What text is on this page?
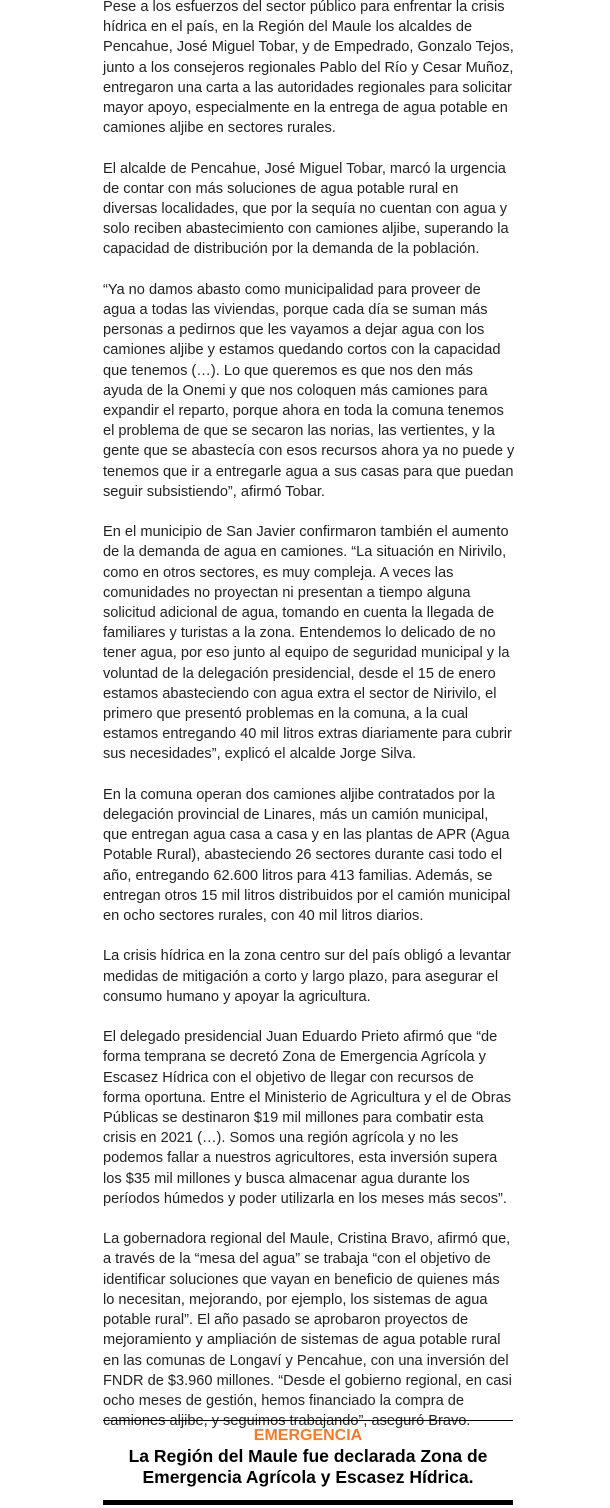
Pese a los esfuerzos del sector público para enfrentar la crisis hídrica en el país, en la Región del Maule los alcaldes de Pencahue, José Miguel Tobar, y de Empedrado, Gonzalo Tejos, junto a los consejeros regionales Pablo del Río y Cesar Muñoz, entregaron una carta a las autoridades regionales para solicitar mayor apoyo, especialmente en la entrega de agua potable en camiones aljibe en sectores rurales.

El alcalde de Pencahue, José Miguel Tobar, marcó la urgencia de contar con más soluciones de agua potable rural en diversas localidades, que por la sequía no cuentan con agua y solo reciben abastecimiento con camiones aljibe, superando la capacidad de distribución por la demanda de la población.

“Ya no damos abasto como municipalidad para proveer de agua a todas las viviendas, porque cada día se suman más personas a pedirnos que les vayamos a dejar agua con los camiones aljibe y estamos quedando cortos con la capacidad que tenemos (…). Lo que queremos es que nos den más ayuda de la Onemi y que nos coloquen más camiones para expandir el reparto, porque ahora en toda la comuna tenemos el problema de que se secaron las norias, las vertientes, y la gente que se abastecía con esos recursos ahora ya no puede y tenemos que ir a entregarle agua a sus casas para que puedan seguir subsistiendo”, afirmó Tobar.

En el municipio de San Javier confirmaron también el aumento de la demanda de agua en camiones. “La situación en Nirivilo, como en otros sectores, es muy compleja. A veces las comunidades no proyectan ni presentan a tiempo alguna solicitud adicional de agua, tomando en cuenta la llegada de familiares y turistas a la zona. Entendemos lo delicado de no tener agua, por eso junto al equipo de seguridad municipal y la voluntad de la delegación presidencial, desde el 15 de enero estamos abasteciendo con agua extra el sector de Nirivilo, el primero que presentó problemas en la comuna, a la cual estamos entregando 40 mil litros extras diariamente para cubrir sus necesidades”, explicó el alcalde Jorge Silva.

En la comuna operan dos camiones aljibe contratados por la delegación provincial de Linares, más un camión municipal, que entregan agua casa a casa y en las plantas de APR (Agua Potable Rural), abasteciendo 26 sectores durante casi todo el año, entregando 62.600 litros para 413 familias. Además, se entregan otros 15 mil litros distribuidos por el camión municipal en ocho sectores rurales, con 40 mil litros diarios.

La crisis hídrica en la zona centro sur del país obligó a levantar medidas de mitigación a corto y largo plazo, para asegurar el consumo humano y apoyar la agricultura.

El delegado presidencial Juan Eduardo Prieto afirmó que “de forma temprana se decretó Zona de Emergencia Agrícola y Escasez Hídrica con el objetivo de llegar con recursos de forma oportuna. Entre el Ministerio de Agricultura y el de Obras Públicas se destinaron $19 mil millones para combatir esta crisis en 2021 (…). Somos una región agrícola y no les podemos fallar a nuestros agricultores, esta inversión supera los $35 mil millones y busca almacenar agua durante los períodos húmedos y poder utilizarla en los meses más secos”.

La gobernadora regional del Maule, Cristina Bravo, afirmó que, a través de la “mesa del agua” se trabaja “con el objetivo de identificar soluciones que vayan en beneficio de quienes más lo necesitan, mejorando, por ejemplo, los sistemas de agua potable rural”. El año pasado se aprobaron proyectos de mejoramiento y ampliación de sistemas de agua potable rural en las comunas de Longaví y Pencahue, con una inversión del FNDR de $3.960 millones. “Desde el gobierno regional, en casi ocho meses de gestión, hemos financiado la compra de camiones aljibe, y seguimos trabajando”, aseguró Bravo.

EMERGENCIA
La Región del Maule fue declarada Zona de Emergencia Agrícola y Escasez Hídrica.
